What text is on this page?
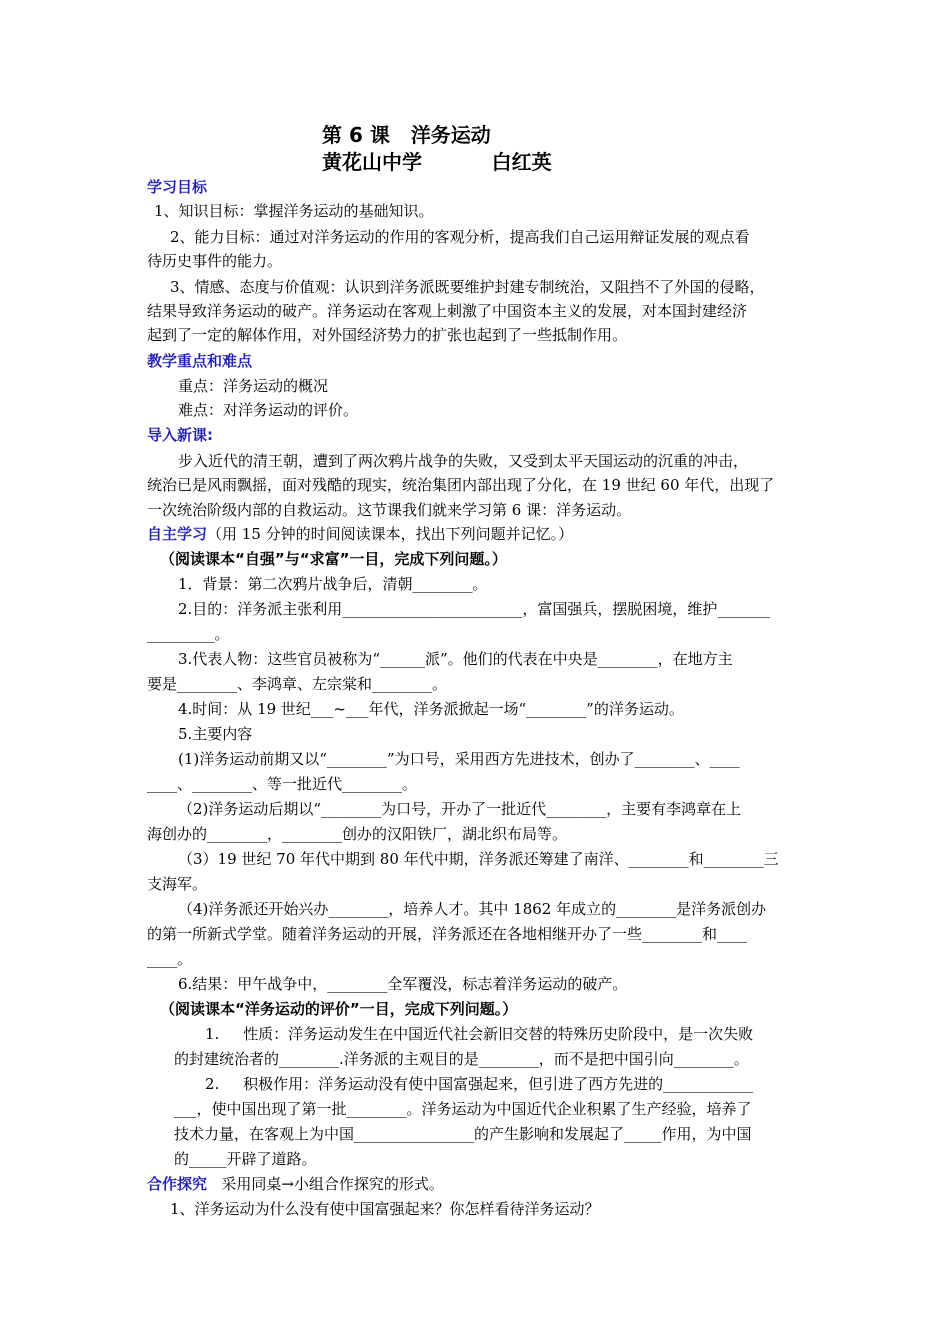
第 6 课   洋务运动
黄花山中学          白红英
学习目标
1、知识目标：掌握洋务运动的基础知识。
2、能力目标：通过对洋务运动的作用的客观分析，提高我们自己运用辩证发展的观点看
待历史事件的能力。
3、情感、态度与价值观：认识到洋务派既要维护封建专制统治，又阻挡不了外国的侵略，
结果导致洋务运动的破产。洋务运动在客观上刺激了中国资本主义的发展，对本国封建经济
起到了一定的解体作用，对外国经济势力的扩张也起到了一些抵制作用。
教学重点和难点
重点：洋务运动的概况
难点：对洋务运动的评价。
导入新课:
步入近代的清王朝，遭到了两次鸦片战争的失败，又受到太平天国运动的沉重的冲击，
统治已是风雨飘摇，面对残酷的现实，统治集团内部出现了分化，在 19 世纪 60 年代，出现了
一次统治阶级内部的自救运动。这节课我们就来学习第 6 课：洋务运动。
自主学习（用 15 分钟的时间阅读课本，找出下列问题并记忆。）
（阅读课本“自强”与“求富”一目，完成下列问题。）
1．背景：第二次鸦片战争后，清朝________。
2.目的：洋务派主张利用________________________，富国强兵，摆脱困境，维护_______
_________。
3.代表人物：这些官员被称为“______派”。他们的代表在中央是________，在地方主
要是________、李鸿章、左宗棠和________。
4.时间：从 19 世纪___~___年代，洋务派掀起一场“________”的洋务运动。
5.主要内容
(1)洋务运动前期又以“________”为口号，采用西方先进技术，创办了________、____
____、________、等一批近代________。
（2)洋务运动后期以“________为口号，开办了一批近代________，主要有李鸿章在上
海创办的________，________创办的汉阳铁厂，湖北织布局等。
（3）19 世纪 70 年代中期到 80 年代中期，洋务派还筹建了南洋、________和________三
支海军。
（4)洋务派还开始兴办________，培养人才。其中 1862 年成立的________是洋务派创办
的第一所新式学堂。随着洋务运动的开展，洋务派还在各地相继开办了一些________和____
____。
6.结果：甲午战争中，________全军覆没，标志着洋务运动的破产。
（阅读课本“洋务运动的评价”一目，完成下列问题。）
1.     性质：洋务运动发生在中国近代社会新旧交替的特殊历史阶段中，是一次失败
的封建统治者的________.洋务派的主观目的是________，而不是把中国引向________。
2.     积极作用：洋务运动没有使中国富强起来，但引进了西方先进的____________
___，使中国出现了第一批________。洋务运动为中国近代企业积累了生产经验，培养了
技术力量，在客观上为中国________________的产生影响和发展起了_____作用，为中国
的_____开辟了道路。
合作探究   采用同桌→小组合作探究的形式。
1、洋务运动为什么没有使中国富强起来？你怎样看待洋务运动？
